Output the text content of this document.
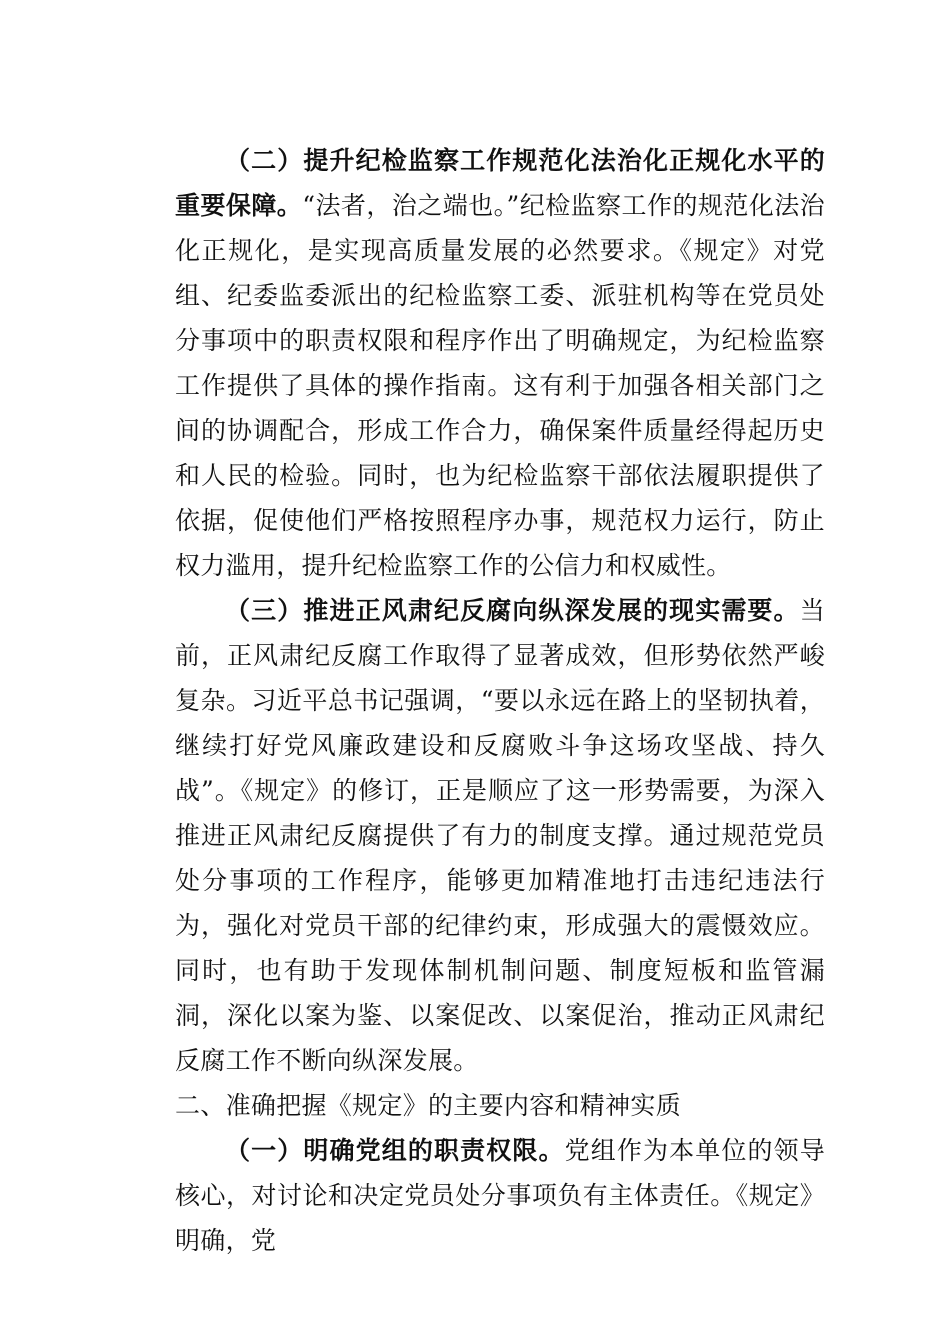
（二）提升纪检监察工作规范化法治化正规化水平的重要保障。“法者，治之端也。”纪检监察工作的规范化法治化正规化，是实现高质量发展的必然要求。《规定》对党组、纪委监委派出的纪检监察工委、派驻机构等在党员处分事项中的职责权限和程序作出了明确规定，为纪检监察工作提供了具体的操作指南。这有利于加强各相关部门之间的协调配合，形成工作合力，确保案件质量经得起历史和人民的检验。同时，也为纪检监察干部依法履职提供了依据，促使他们严格按照程序办事，规范权力运行，防止权力滥用，提升纪检监察工作的公信力和权威性。

（三）推进正风肃纪反腐向纵深发展的现实需要。当前，正风肃纪反腐工作取得了显著成效，但形势依然严峻复杂。习近平总书记强调，“要以永远在路上的坚韧执着，继续打好党风廉政建设和反腐败斗争这场攻坚战、持久战”。《规定》的修订，正是顺应了这一形势需要，为深入推进正风肃纪反腐提供了有力的制度支撑。通过规范党员处分事项的工作程序，能够更加精准地打击违纪违法行为，强化对党员干部的纪律约束，形成强大的震慑效应。同时，也有助于发现体制机制问题、制度短板和监管漏洞，深化以案为鉴、以案促改、以案促治，推动正风肃纪反腐工作不断向纵深发展。

二、准确把握《规定》的主要内容和精神实质

（一）明确党组的职责权限。党组作为本单位的领导核心，对讨论和决定党员处分事项负有主体责任。《规定》明确，党
